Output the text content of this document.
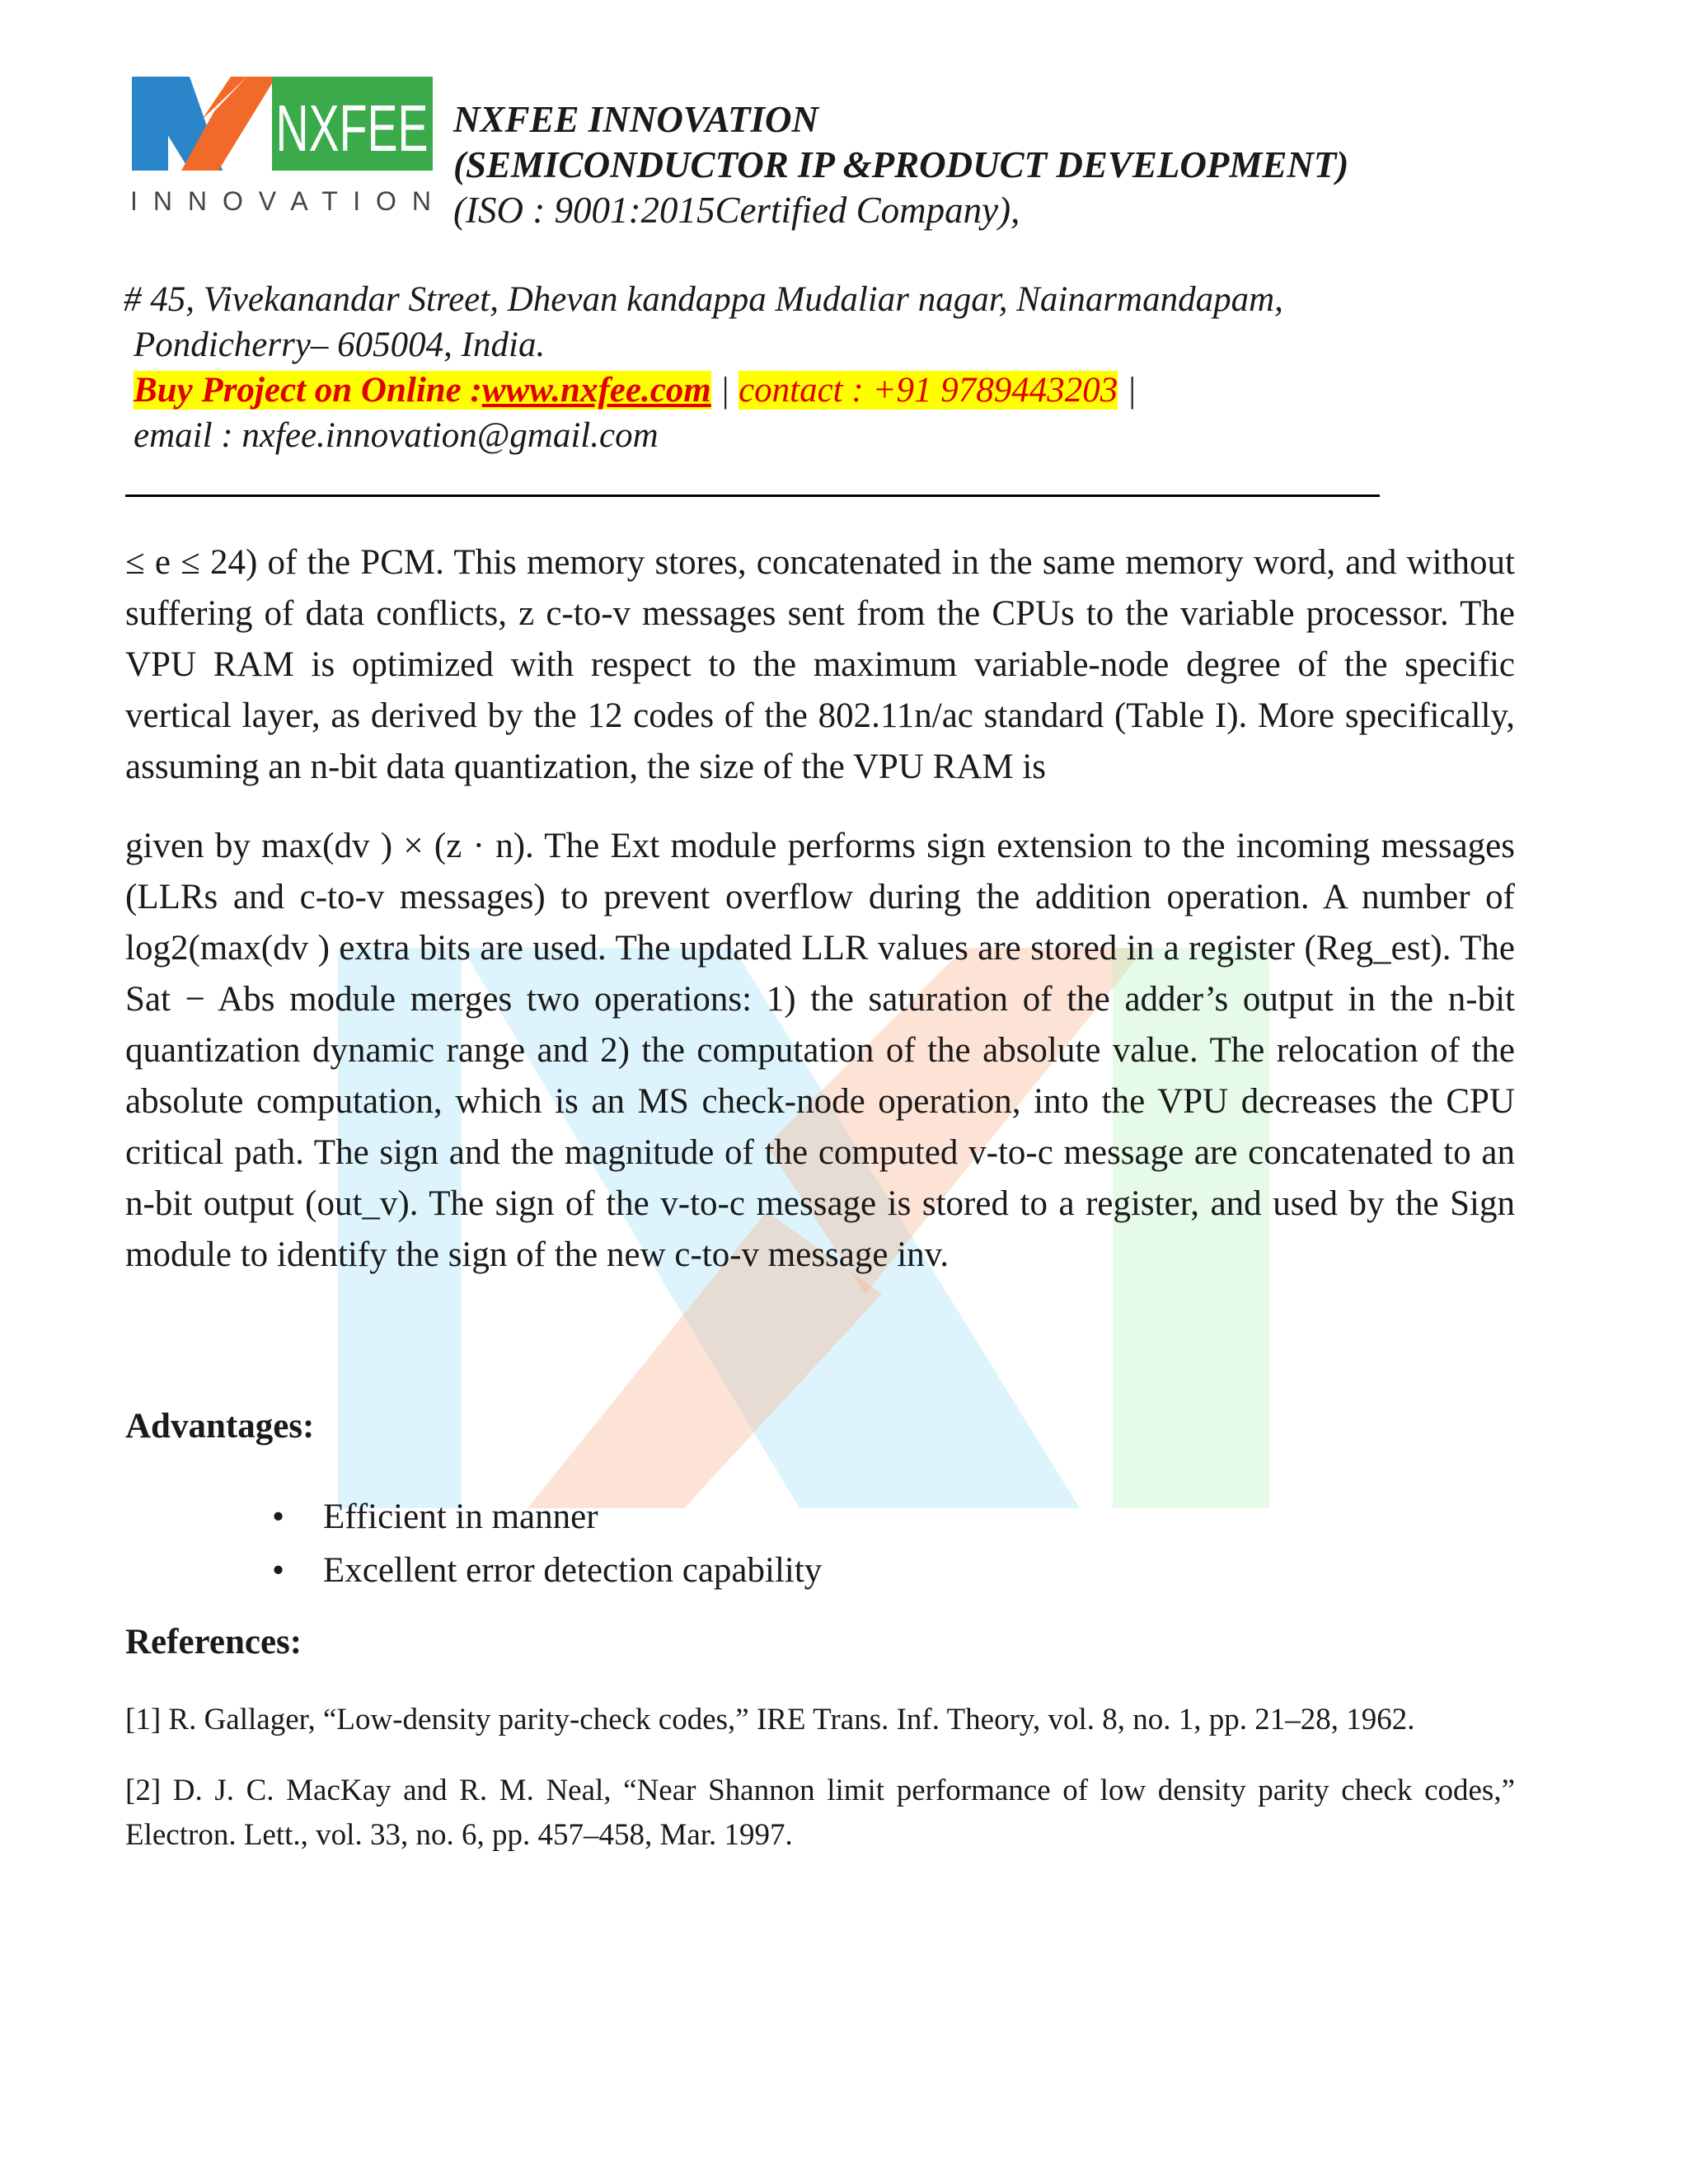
NXFEE
I N N O V A T I O N
NXFEE INNOVATION
(SEMICONDUCTOR IP &PRODUCT DEVELOPMENT)
(ISO : 9001:2015Certified Company),
# 45, Vivekanandar Street, Dhevan kandappa Mudaliar nagar, Nainarmandapam,
Pondicherry– 605004, India.
Buy Project on Online :www.nxfee.com | contact : +91 9789443203 |
email : nxfee.innovation@gmail.com

≤ e ≤ 24) of the PCM. This memory stores, concatenated in the same memory word, and without suffering of data conflicts, z c-to-v messages sent from the CPUs to the variable processor. The VPU RAM is optimized with respect to the maximum variable-node degree of the specific vertical layer, as derived by the 12 codes of the 802.11n/ac standard (Table I). More specifically, assuming an n-bit data quantization, the size of the VPU RAM is

given by max(dv ) × (z · n). The Ext module performs sign extension to the incoming messages (LLRs and c-to-v messages) to prevent overflow during the addition operation. A number of log2(max(dv ) extra bits are used. The updated LLR values are stored in a register (Reg_est). The Sat − Abs module merges two operations: 1) the saturation of the adder’s output in the n-bit quantization dynamic range and 2) the computation of the absolute value. The relocation of the absolute computation, which is an MS check-node operation, into the VPU decreases the CPU critical path. The sign and the magnitude of the computed v-to-c message are concatenated to an n-bit output (out_v). The sign of the v-to-c message is stored to a register, and used by the Sign module to identify the sign of the new c-to-v message inv.

Advantages:

• Efficient in manner
• Excellent error detection capability

References:

[1] R. Gallager, “Low-density parity-check codes,” IRE Trans. Inf. Theory, vol. 8, no. 1, pp. 21–28, 1962.

[2] D. J. C. MacKay and R. M. Neal, “Near Shannon limit performance of low density parity check codes,” Electron. Lett., vol. 33, no. 6, pp. 457–458, Mar. 1997.
